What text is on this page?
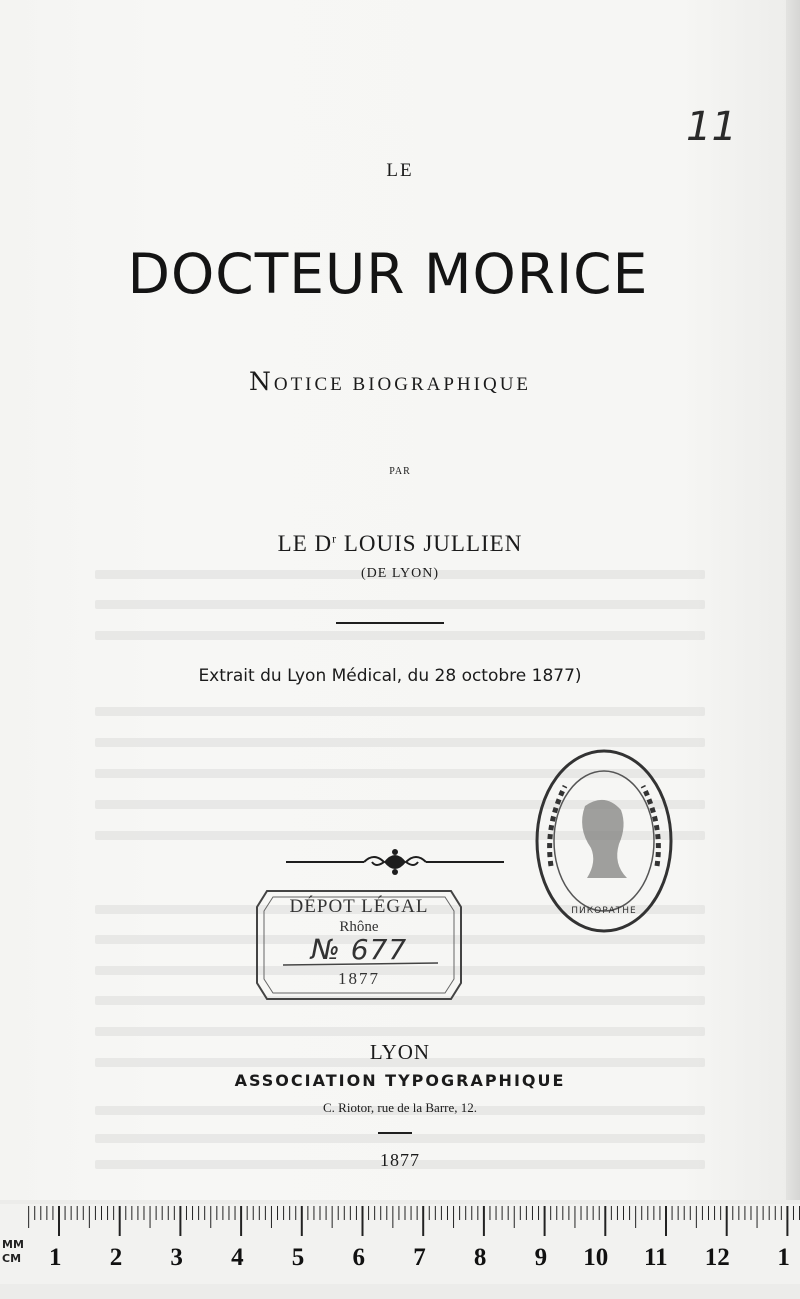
11
LE
DOCTEUR MORICE
NOTICE BIOGRAPHIQUE
PAR
LE $D^r$ LOUIS JULLIEN
(DE LYON)
Extrait du Lyon Médical, du 28 octobre 1877)
DÉPOT LÉGAL
Rhône
№ 677
1877
ПИКОРАТНЕ
LYON
ASSOCIATION TYPOGRAPHIQUE
C. Riotor, rue de la Barre, 12.
1877
MM
CM 1 2 3 4 5 6 7 8 9 10 11 12 1
